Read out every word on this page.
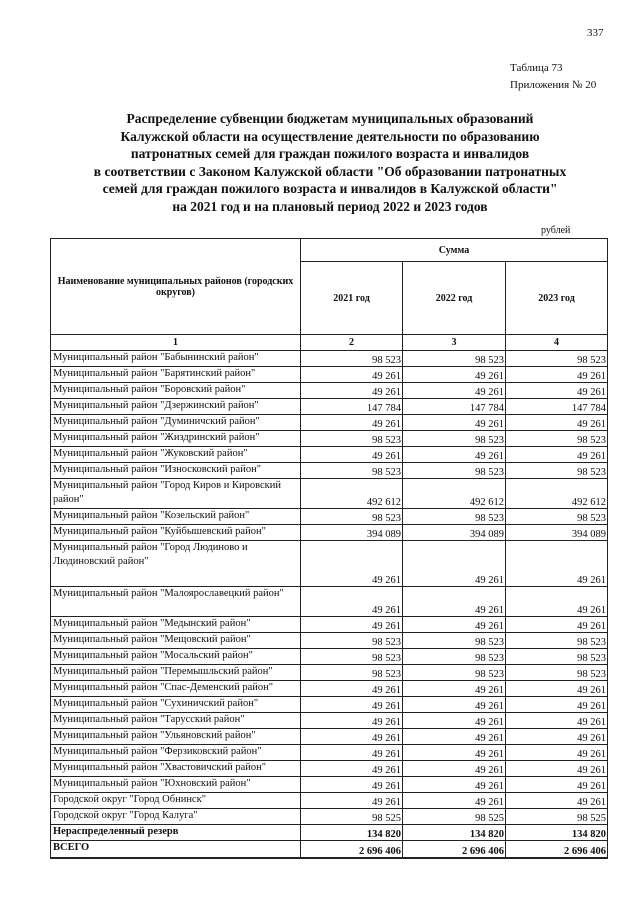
337
Таблица 73
Приложения № 20
Распределение субвенции бюджетам муниципальных образований
Калужской области на осуществление деятельности по образованию
патронатных семей для граждан пожилого возраста и инвалидов
в соответствии с Законом Калужской области "Об образовании патронатных
семей для граждан пожилого возраста и инвалидов в Калужской области"
на 2021 год и на плановый период 2022 и 2023 годов
рублей
Наименование муниципальных районов (городских округов)	Сумма		
	2021 год	2022 год	2023 год
1	2	3	4
Муниципальный район "Бабынинский район"	98 523	98 523	98 523
Муниципальный район "Барятинский район"	49 261	49 261	49 261
Муниципальный район "Боровский район"	49 261	49 261	49 261
Муниципальный район "Дзержинский район"	147 784	147 784	147 784
Муниципальный район "Думиничский район"	49 261	49 261	49 261
Муниципальный район "Жиздринский район"	98 523	98 523	98 523
Муниципальный район "Жуковский район"	49 261	49 261	49 261
Муниципальный район "Износковский район"	98 523	98 523	98 523
Муниципальный район "Город Киров и Кировский район"	492 612	492 612	492 612
Муниципальный район "Козельский район"	98 523	98 523	98 523
Муниципальный район "Куйбышевский район"	394 089	394 089	394 089
Муниципальный район "Город Людиново и Людиновский район"	49 261	49 261	49 261
Муниципальный район "Малоярославецкий район"	49 261	49 261	49 261
Муниципальный район "Медынский район"	49 261	49 261	49 261
Муниципальный район "Мещовский район"	98 523	98 523	98 523
Муниципальный район "Мосальский район"	98 523	98 523	98 523
Муниципальный район "Перемышльский район"	98 523	98 523	98 523
Муниципальный район "Спас-Деменский район"	49 261	49 261	49 261
Муниципальный район "Сухиничский район"	49 261	49 261	49 261
Муниципальный район "Тарусский район"	49 261	49 261	49 261
Муниципальный район "Ульяновский район"	49 261	49 261	49 261
Муниципальный район "Ферзиковский район"	49 261	49 261	49 261
Муниципальный район "Хвастовичский район"	49 261	49 261	49 261
Муниципальный район "Юхновский район"	49 261	49 261	49 261
Городской округ "Город Обнинск"	49 261	49 261	49 261
Городской округ "Город Калуга"	98 525	98 525	98 525
Нераспределенный резерв	134 820	134 820	134 820
ВСЕГО	2 696 406	2 696 406	2 696 406
